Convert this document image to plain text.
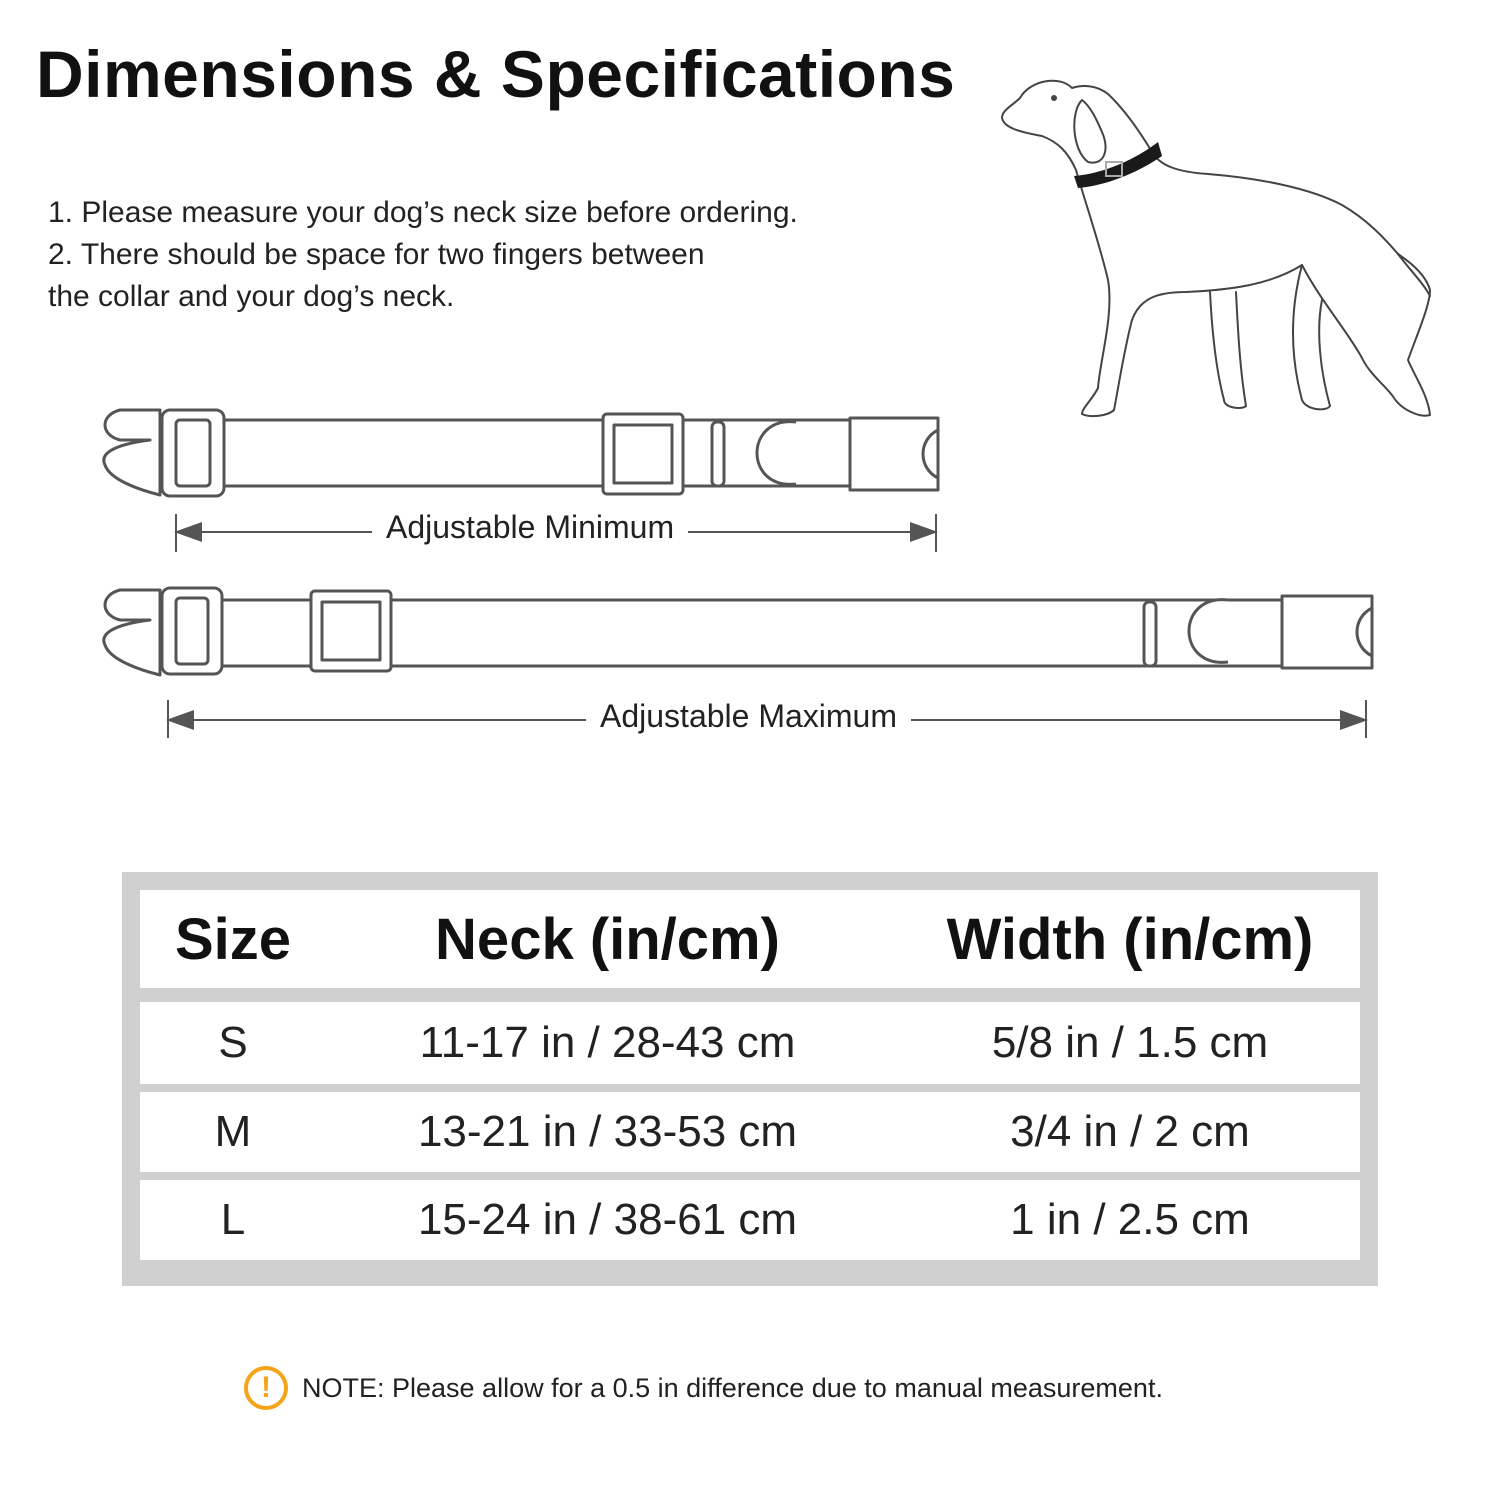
Dimensions & Specifications
1. Please measure your dog’s neck size before ordering.
2. There should be space for two fingers between
the collar and your dog’s neck.
Adjustable Minimum
Adjustable Maximum
Size	Neck (in/cm)	Width (in/cm)
S	11-17 in / 28-43 cm	5/8 in / 1.5 cm
M	13-21 in / 33-53 cm	3/4 in / 2 cm
L	15-24 in / 38-61 cm	1 in / 2.5 cm
!	NOTE: Please allow for a 0.5 in difference due to manual measurement.
